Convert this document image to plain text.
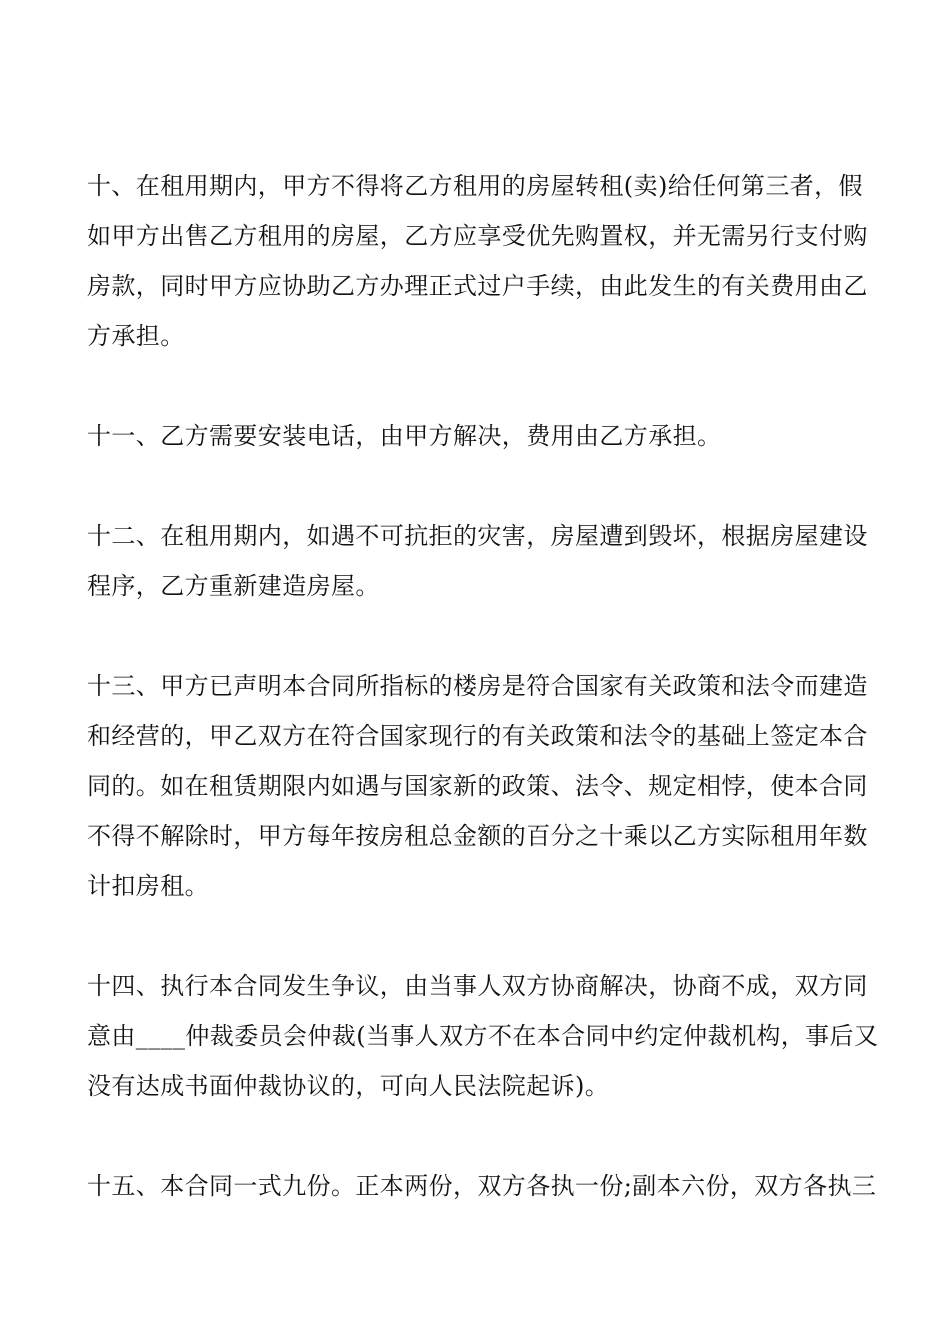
十、在租用期内，甲方不得将乙方租用的房屋转租(卖)给任何第三者，假
如甲方出售乙方租用的房屋，乙方应享受优先购置权，并无需另行支付购
房款，同时甲方应协助乙方办理正式过户手续，由此发生的有关费用由乙
方承担。

十一、乙方需要安装电话，由甲方解决，费用由乙方承担。

十二、在租用期内，如遇不可抗拒的灾害，房屋遭到毁坏，根据房屋建设
程序，乙方重新建造房屋。

十三、甲方已声明本合同所指标的楼房是符合国家有关政策和法令而建造
和经营的，甲乙双方在符合国家现行的有关政策和法令的基础上签定本合
同的。如在租赁期限内如遇与国家新的政策、法令、规定相悖，使本合同
不得不解除时，甲方每年按房租总金额的百分之十乘以乙方实际租用年数
计扣房租。

十四、执行本合同发生争议，由当事人双方协商解决，协商不成，双方同
意由____仲裁委员会仲裁(当事人双方不在本合同中约定仲裁机构，事后又
没有达成书面仲裁协议的，可向人民法院起诉)。

十五、本合同一式九份。正本两份，双方各执一份;副本六份，双方各执三
